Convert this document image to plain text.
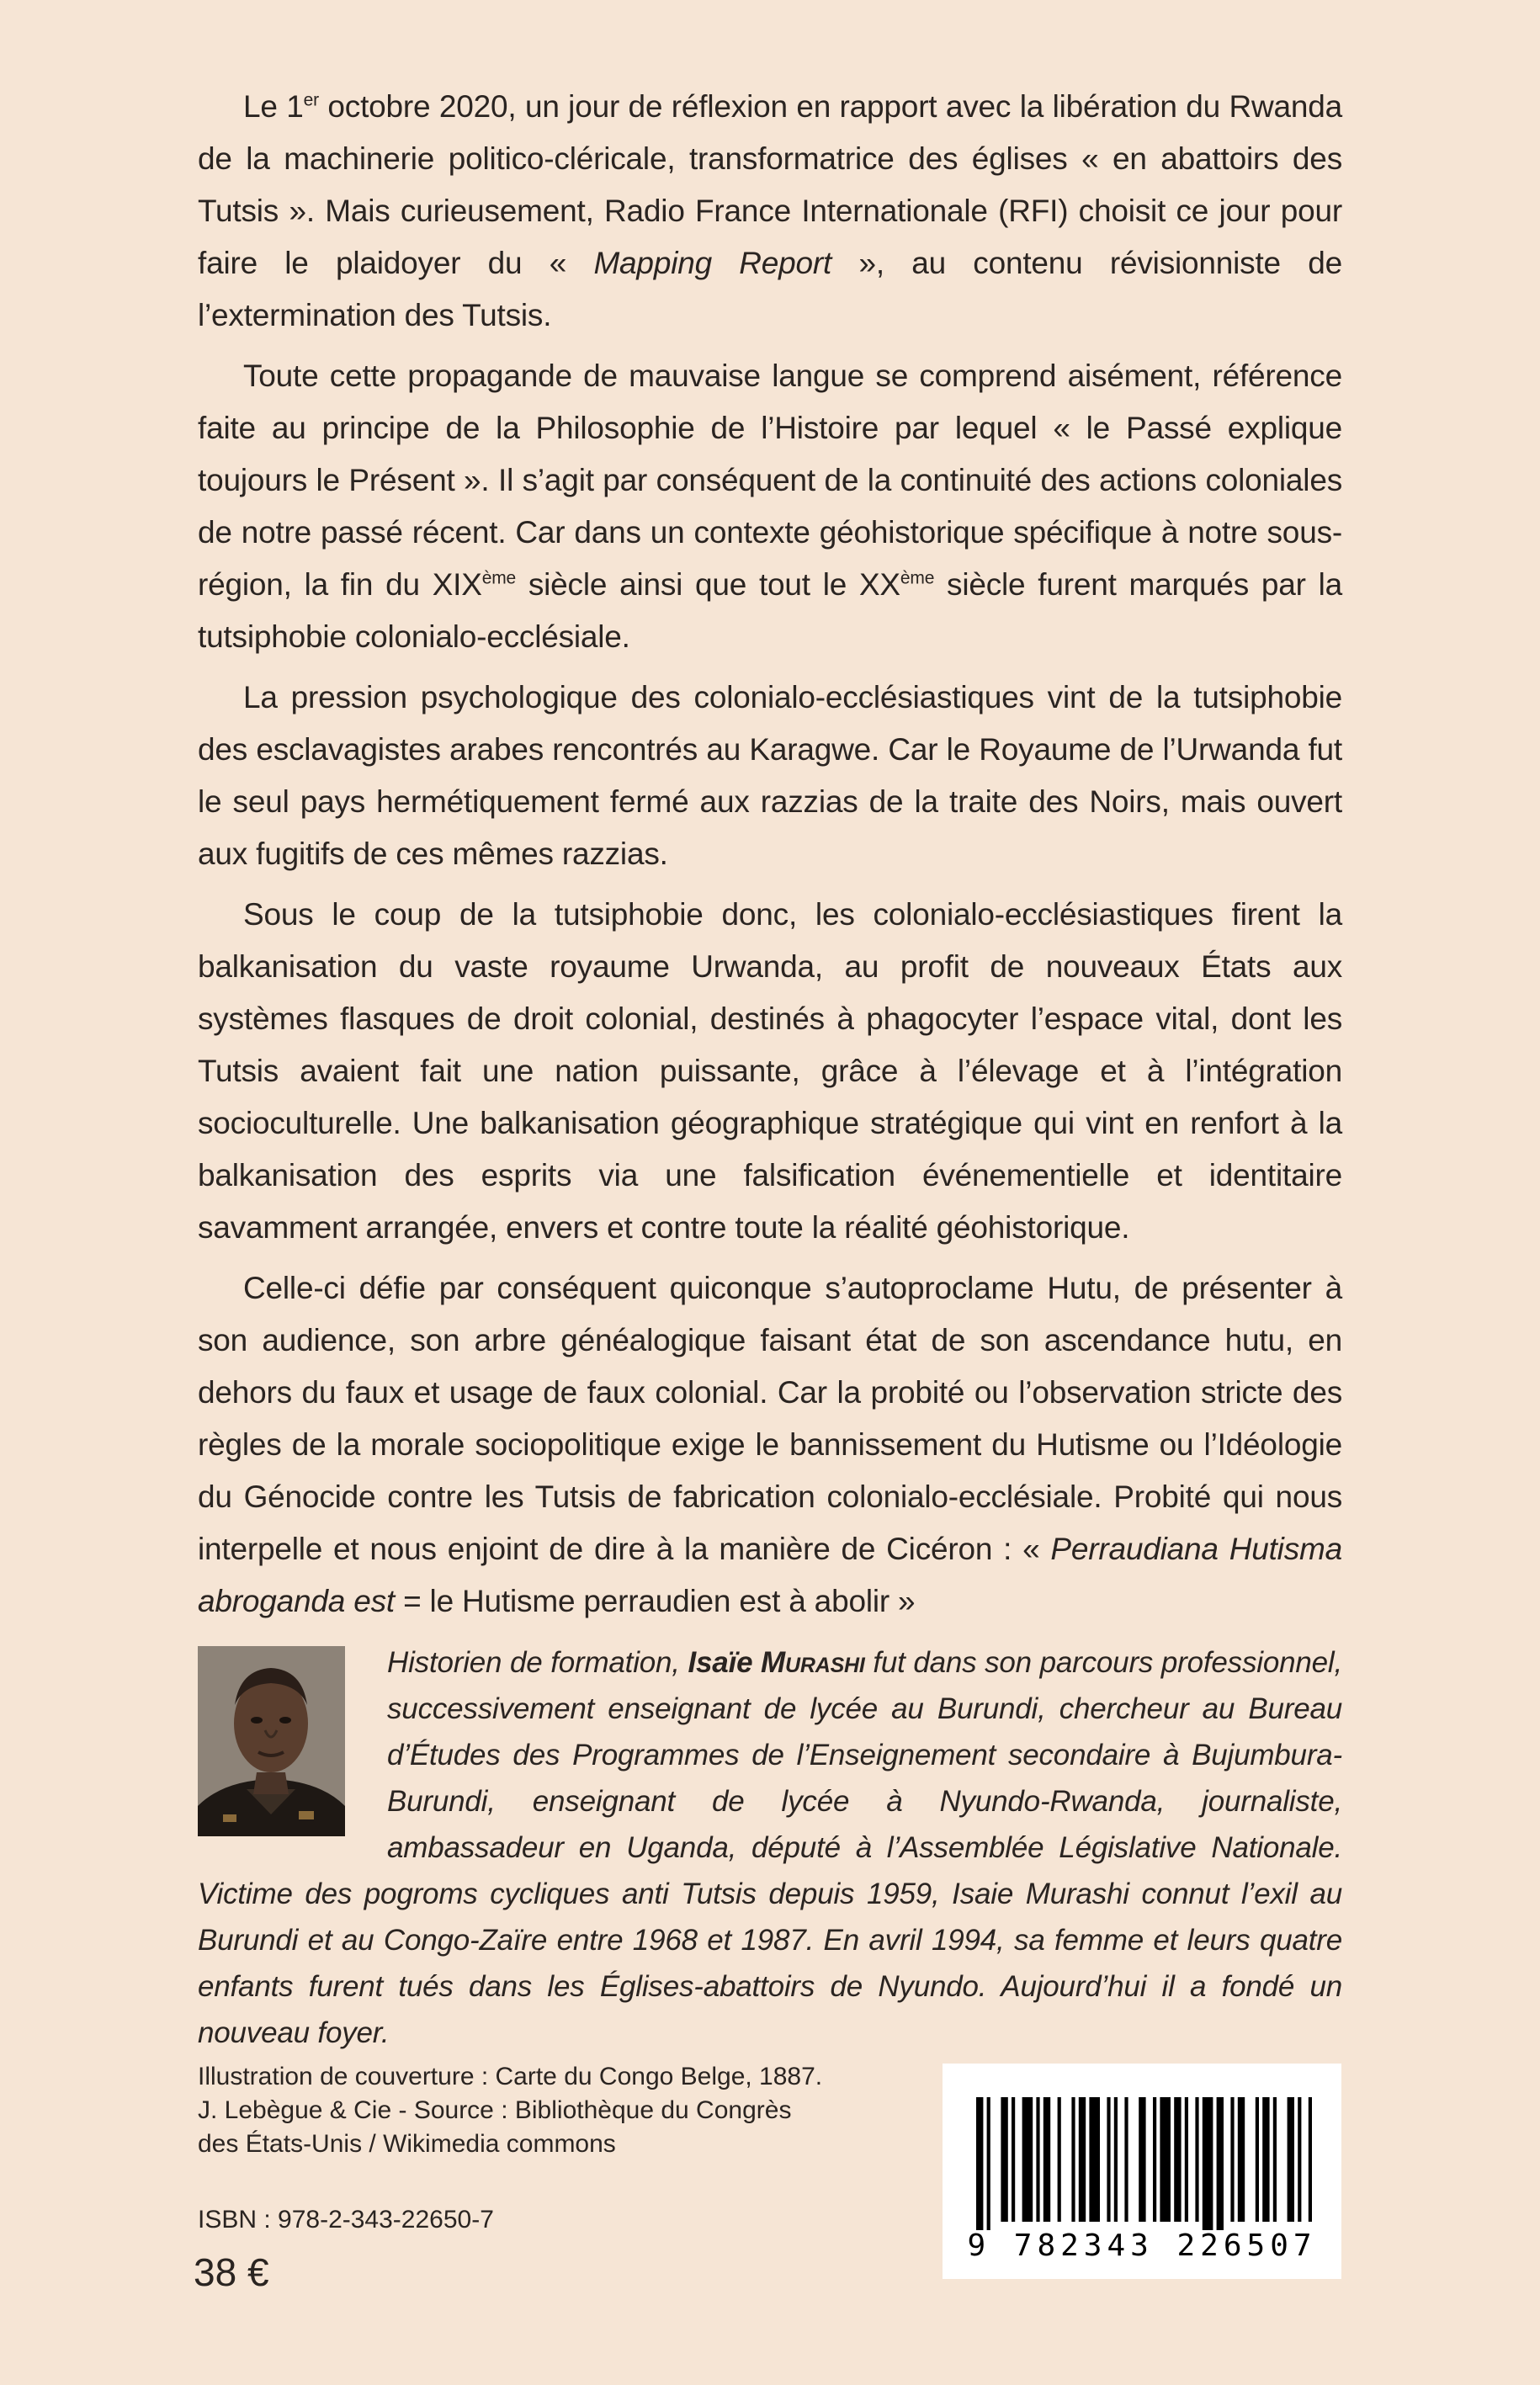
Le 1er octobre 2020, un jour de réflexion en rapport avec la libération du Rwanda de la machinerie politico-cléricale, transformatrice des églises « en abattoirs des Tutsis ». Mais curieusement, Radio France Internationale (RFI) choisit ce jour pour faire le plaidoyer du « Mapping Report », au contenu révisionniste de l’extermination des Tutsis.

Toute cette propagande de mauvaise langue se comprend aisément, référence faite au principe de la Philosophie de l’Histoire par lequel « le Passé explique toujours le Présent ». Il s’agit par conséquent de la continuité des actions coloniales de notre passé récent. Car dans un contexte géohistorique spécifique à notre sous-région, la fin du XIXème siècle ainsi que tout le XXème siècle furent marqués par la tutsiphobie colonialo-ecclésiale.

La pression psychologique des colonialo-ecclésiastiques vint de la tutsiphobie des esclavagistes arabes rencontrés au Karagwe. Car le Royaume de l’Urwanda fut le seul pays hermétiquement fermé aux razzias de la traite des Noirs, mais ouvert aux fugitifs de ces mêmes razzias.

Sous le coup de la tutsiphobie donc, les colonialo-ecclésiastiques firent la balkanisation du vaste royaume Urwanda, au profit de nouveaux États aux systèmes flasques de droit colonial, destinés à phagocyter l’espace vital, dont les Tutsis avaient fait une nation puissante, grâce à l’élevage et à l’intégration socioculturelle. Une balkanisation géographique stratégique qui vint en renfort à la balkanisation des esprits via une falsification événementielle et identitaire savamment arrangée, envers et contre toute la réalité géohistorique.

Celle-ci défie par conséquent quiconque s’autoproclame Hutu, de présenter à son audience, son arbre généalogique faisant état de son ascendance hutu, en dehors du faux et usage de faux colonial. Car la probité ou l’observation stricte des règles de la morale sociopolitique exige le bannissement du Hutisme ou l’Idéologie du Génocide contre les Tutsis de fabrication colonialo-ecclésiale. Probité qui nous interpelle et nous enjoint de dire à la manière de Cicéron : « Perraudiana Hutisma abroganda est = le Hutisme perraudien est à abolir »

Historien de formation, Isaïe Murashi fut dans son parcours professionnel, successivement enseignant de lycée au Burundi, chercheur au Bureau d’Études des Programmes de l’Enseignement secondaire à Bujumbura-Burundi, enseignant de lycée à Nyundo-Rwanda, journaliste, ambassadeur en Uganda, député à l’Assemblée Législative Nationale. Victime des pogroms cycliques anti Tutsis depuis 1959, Isaie Murashi connut l’exil au Burundi et au Congo-Zaïre entre 1968 et 1987. En avril 1994, sa femme et leurs quatre enfants furent tués dans les Églises-abattoirs de Nyundo. Aujourd’hui il a fondé un nouveau foyer.
Illustration de couverture : Carte du Congo Belge, 1887.
J. Lebègue & Cie - Source : Bibliothèque du Congrès
des États-Unis / Wikimedia commons
ISBN : 978-2-343-22650-7
38 €
9 782343 226507
